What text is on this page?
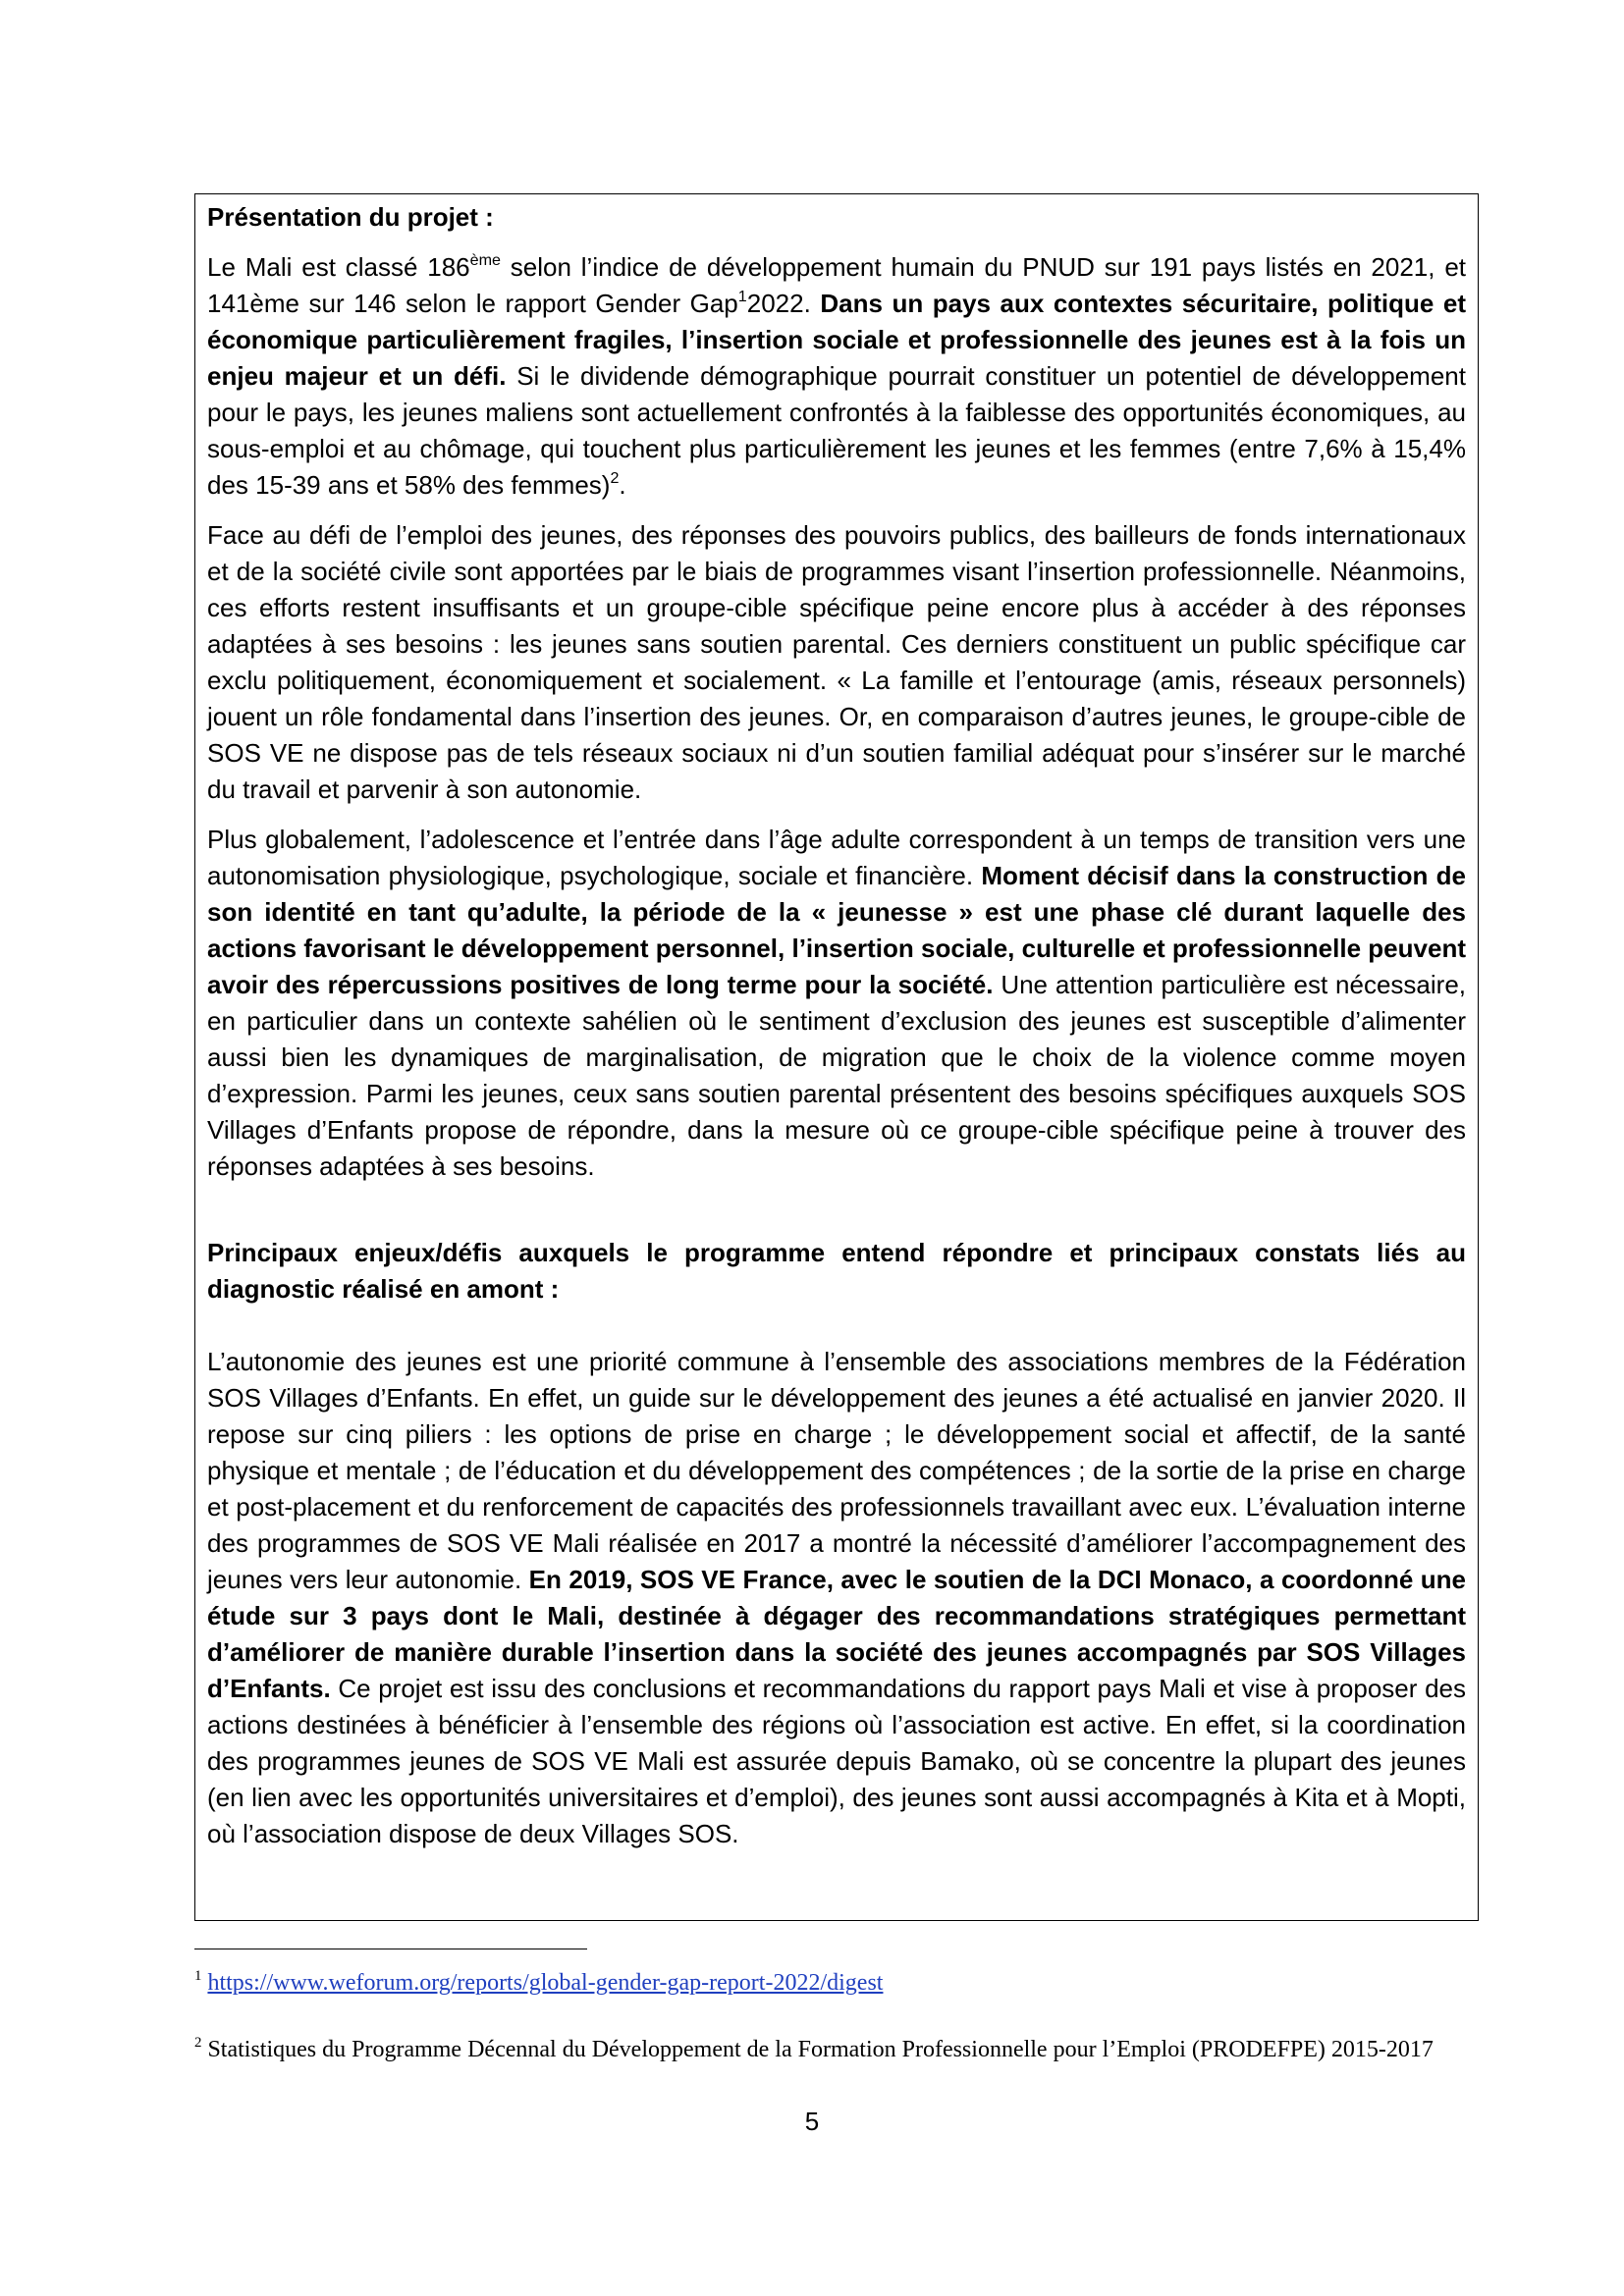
Présentation du projet :

Le Mali est classé 186ème selon l’indice de développement humain du PNUD sur 191 pays listés en 2021, et 141ème sur 146 selon le rapport Gender Gap$^1$2022. Dans un pays aux contextes sécuritaire, politique et économique particulièrement fragiles, l’insertion sociale et professionnelle des jeunes est à la fois un enjeu majeur et un défi. Si le dividende démographique pourrait constituer un potentiel de développement pour le pays, les jeunes maliens sont actuellement confrontés à la faiblesse des opportunités économiques, au sous-emploi et au chômage, qui touchent plus particulièrement les jeunes et les femmes (entre 7,6% à 15,4% des 15-39 ans et 58% des femmes)$^2$.

Face au défi de l’emploi des jeunes, des réponses des pouvoirs publics, des bailleurs de fonds internationaux et de la société civile sont apportées par le biais de programmes visant l’insertion professionnelle. Néanmoins, ces efforts restent insuffisants et un groupe-cible spécifique peine encore plus à accéder à des réponses adaptées à ses besoins : les jeunes sans soutien parental. Ces derniers constituent un public spécifique car exclu politiquement, économiquement et socialement. « La famille et l’entourage (amis, réseaux personnels) jouent un rôle fondamental dans l’insertion des jeunes. Or, en comparaison d’autres jeunes, le groupe-cible de SOS VE ne dispose pas de tels réseaux sociaux ni d’un soutien familial adéquat pour s’insérer sur le marché du travail et parvenir à son autonomie.

Plus globalement, l’adolescence et l’entrée dans l’âge adulte correspondent à un temps de transition vers une autonomisation physiologique, psychologique, sociale et financière. Moment décisif dans la construction de son identité en tant qu’adulte, la période de la « jeunesse » est une phase clé durant laquelle des actions favorisant le développement personnel, l’insertion sociale, culturelle et professionnelle peuvent avoir des répercussions positives de long terme pour la société. Une attention particulière est nécessaire, en particulier dans un contexte sahélien où le sentiment d’exclusion des jeunes est susceptible d’alimenter aussi bien les dynamiques de marginalisation, de migration que le choix de la violence comme moyen d’expression. Parmi les jeunes, ceux sans soutien parental présentent des besoins spécifiques auxquels SOS Villages d’Enfants propose de répondre, dans la mesure où ce groupe-cible spécifique peine à trouver des réponses adaptées à ses besoins.

Principaux enjeux/défis auxquels le programme entend répondre et principaux constats liés au diagnostic réalisé en amont :

L’autonomie des jeunes est une priorité commune à l’ensemble des associations membres de la Fédération SOS Villages d’Enfants. En effet, un guide sur le développement des jeunes a été actualisé en janvier 2020. Il repose sur cinq piliers : les options de prise en charge ; le développement social et affectif, de la santé physique et mentale ; de l’éducation et du développement des compétences ; de la sortie de la prise en charge et post-placement et du renforcement de capacités des professionnels travaillant avec eux. L’évaluation interne des programmes de SOS VE Mali réalisée en 2017 a montré la nécessité d’améliorer l’accompagnement des jeunes vers leur autonomie. En 2019, SOS VE France, avec le soutien de la DCI Monaco, a coordonné une étude sur 3 pays dont le Mali, destinée à dégager des recommandations stratégiques permettant d’améliorer de manière durable l’insertion dans la société des jeunes accompagnés par SOS Villages d’Enfants. Ce projet est issu des conclusions et recommandations du rapport pays Mali et vise à proposer des actions destinées à bénéficier à l’ensemble des régions où l’association est active. En effet, si la coordination des programmes jeunes de SOS VE Mali est assurée depuis Bamako, où se concentre la plupart des jeunes (en lien avec les opportunités universitaires et d’emploi), des jeunes sont aussi accompagnés à Kita et à Mopti, où l’association dispose de deux Villages SOS.

$^1$ https://www.weforum.org/reports/global-gender-gap-report-2022/digest
$^2$ Statistiques du Programme Décennal du Développement de la Formation Professionnelle pour l’Emploi (PRODEFPE) 2015-2017
5
